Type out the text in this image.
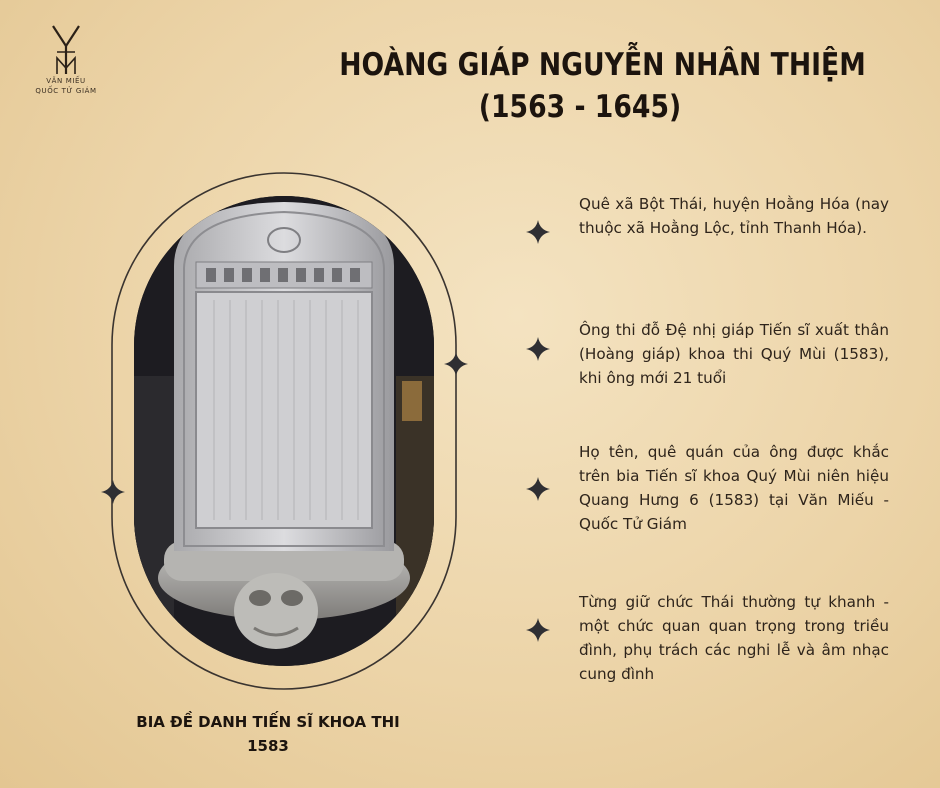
VĂN MIẾU
QUỐC TỬ GIÁM
HOÀNG GIÁP NGUYỄN NHÂN THIỆM
(1563 - 1645)
BIA ĐỀ DANH TIẾN SĨ KHOA THI
1583
Quê xã Bột Thái, huyện Hoằng Hóa (nay thuộc xã Hoằng Lộc, tỉnh Thanh Hóa).
Ông thi đỗ Đệ nhị giáp Tiến sĩ xuất thân (Hoàng giáp) khoa thi Quý Mùi (1583), khi ông mới 21 tuổi
Họ tên, quê quán của ông được khắc trên bia Tiến sĩ khoa Quý Mùi niên hiệu Quang Hưng 6 (1583) tại Văn Miếu - Quốc Tử Giám
Từng giữ chức Thái thường tự khanh - một chức quan quan trọng trong triều đình, phụ trách các nghi lễ và âm nhạc cung đình
